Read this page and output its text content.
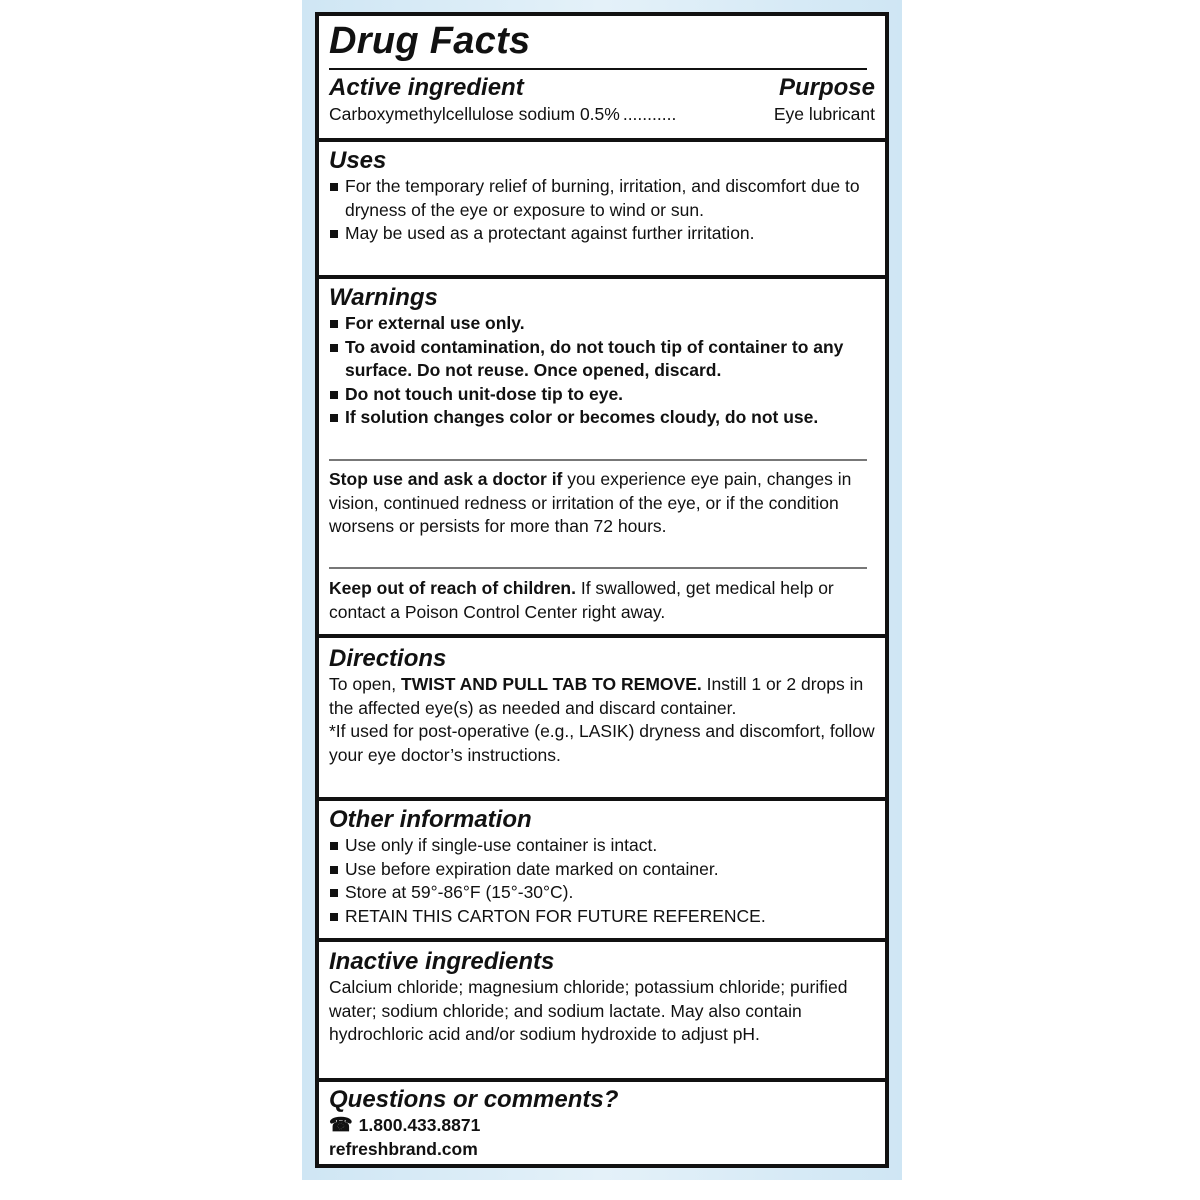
Drug Facts
Active ingredient	Purpose
Carboxymethylcellulose sodium 0.5% ...........	Eye lubricant
Uses
For the temporary relief of burning, irritation, and discomfort due to dryness of the eye or exposure to wind or sun.
May be used as a protectant against further irritation.
Warnings
For external use only.
To avoid contamination, do not touch tip of container to any surface. Do not reuse. Once opened, discard.
Do not touch unit-dose tip to eye.
If solution changes color or becomes cloudy, do not use.
Stop use and ask a doctor if you experience eye pain, changes in vision, continued redness or irritation of the eye, or if the condition worsens or persists for more than 72 hours.
Keep out of reach of children. If swallowed, get medical help or contact a Poison Control Center right away.
Directions
To open, TWIST AND PULL TAB TO REMOVE. Instill 1 or 2 drops in the affected eye(s) as needed and discard container.
*If used for post-operative (e.g., LASIK) dryness and discomfort, follow your eye doctor’s instructions.
Other information
Use only if single-use container is intact.
Use before expiration date marked on container.
Store at 59°-86°F (15°-30°C).
RETAIN THIS CARTON FOR FUTURE REFERENCE.
Inactive ingredients
Calcium chloride; magnesium chloride; potassium chloride; purified water; sodium chloride; and sodium lactate. May also contain hydrochloric acid and/or sodium hydroxide to adjust pH.
Questions or comments?
☎ 1.800.433.8871
refreshbrand.com
